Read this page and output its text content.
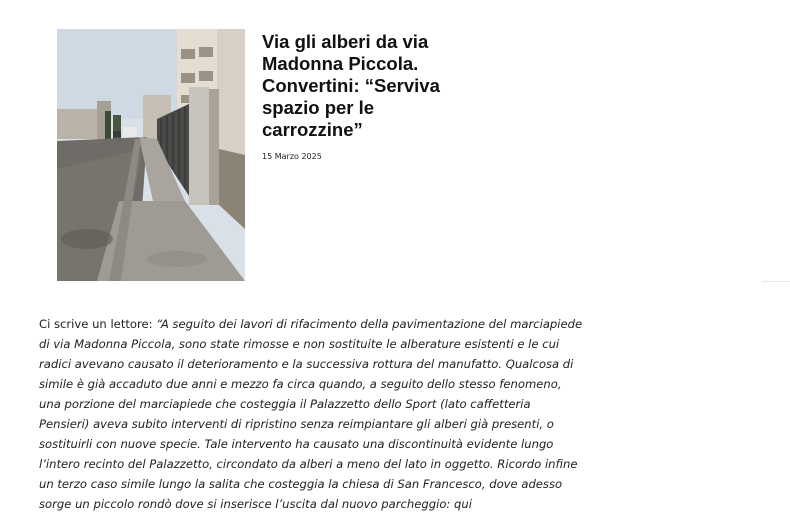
Via gli alberi da via Madonna Piccola. Convertini: “Serviva spazio per le carrozzine”
15 Marzo 2025

Ci scrive un lettore: “A seguito dei lavori di rifacimento della pavimentazione del marciapiede di via Madonna Piccola, sono state rimosse e non sostituite le alberature esistenti e le cui radici avevano causato il deterioramento e la successiva rottura del manufatto. Qualcosa di simile è già accaduto due anni e mezzo fa circa quando, a seguito dello stesso fenomeno, una porzione del marciapiede che costeggia il Palazzetto dello Sport (lato caffetteria Pensieri) aveva subito interventi di ripristino senza reimpiantare gli alberi già presenti, o sostituirli con nuove specie. Tale intervento ha causato una discontinuità evidente lungo l’intero recinto del Palazzetto, circondato da alberi a meno del lato in oggetto. Ricordo infine un terzo caso simile lungo la salita che costeggia la chiesa di San Francesco, dove adesso sorge un piccolo rondò dove si inserisce l’uscita dal nuovo parcheggio: qui
